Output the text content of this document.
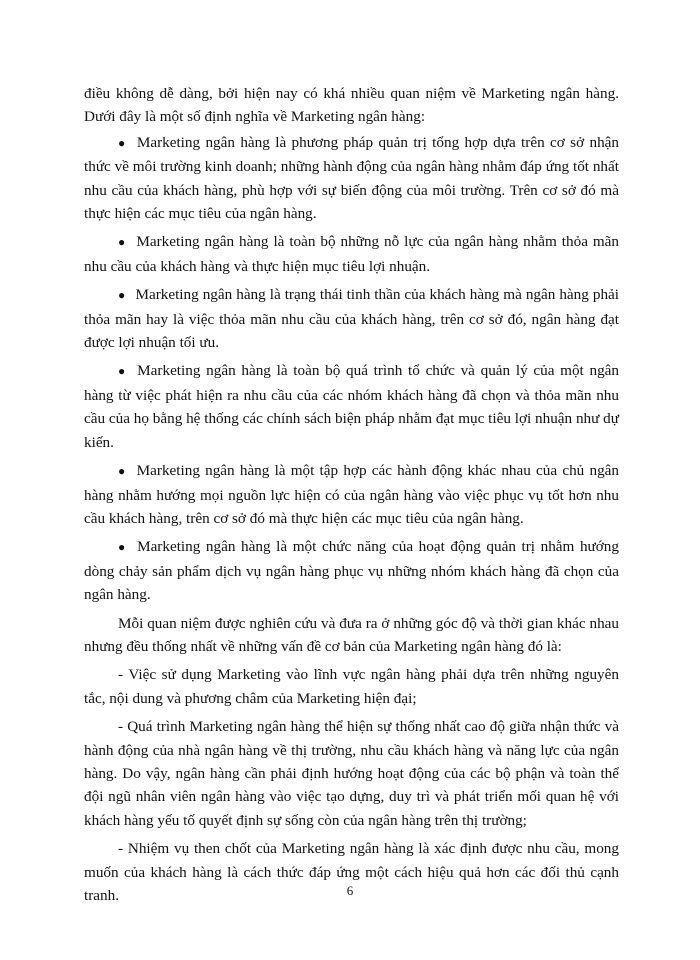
điều không dễ dàng, bởi hiện nay có khá nhiều quan niệm về Marketing ngân hàng. Dưới đây là một số định nghĩa về Marketing ngân hàng:

● Marketing ngân hàng là phương pháp quản trị tổng hợp dựa trên cơ sở nhận thức về môi trường kinh doanh; những hành động của ngân hàng nhằm đáp ứng tốt nhất nhu cầu của khách hàng, phù hợp với sự biến động của môi trường. Trên cơ sở đó mà thực hiện các mục tiêu của ngân hàng.

● Marketing ngân hàng là toàn bộ những nỗ lực của ngân hàng nhằm thỏa mãn nhu cầu của khách hàng và thực hiện mục tiêu lợi nhuận.

● Marketing ngân hàng là trạng thái tinh thần của khách hàng mà ngân hàng phải thỏa mãn hay là việc thỏa mãn nhu cầu của khách hàng, trên cơ sở đó, ngân hàng đạt được lợi nhuận tối ưu.

● Marketing ngân hàng là toàn bộ quá trình tổ chức và quản lý của một ngân hàng từ việc phát hiện ra nhu cầu của các nhóm khách hàng đã chọn và thỏa mãn nhu cầu của họ bằng hệ thống các chính sách biện pháp nhằm đạt mục tiêu lợi nhuận như dự kiến.

● Marketing ngân hàng là một tập hợp các hành động khác nhau của chủ ngân hàng nhằm hướng mọi nguồn lực hiện có của ngân hàng vào việc phục vụ tốt hơn nhu cầu khách hàng, trên cơ sở đó mà thực hiện các mục tiêu của ngân hàng.

● Marketing ngân hàng là một chức năng của hoạt động quản trị nhằm hướng dòng chảy sản phẩm dịch vụ ngân hàng phục vụ những nhóm khách hàng đã chọn của ngân hàng.

Mỗi quan niệm được nghiên cứu và đưa ra ở những góc độ và thời gian khác nhau nhưng đều thống nhất về những vấn đề cơ bản của Marketing ngân hàng đó là:

- Việc sử dụng Marketing vào lĩnh vực ngân hàng phải dựa trên những nguyên tắc, nội dung và phương châm của Marketing hiện đại;

- Quá trình Marketing ngân hàng thể hiện sự thống nhất cao độ giữa nhận thức và hành động của nhà ngân hàng về thị trường, nhu cầu khách hàng và năng lực của ngân hàng. Do vậy, ngân hàng cần phải định hướng hoạt động của các bộ phận và toàn thể đội ngũ nhân viên ngân hàng vào việc tạo dựng, duy trì và phát triển mối quan hệ với khách hàng yếu tố quyết định sự sống còn của ngân hàng trên thị trường;

- Nhiệm vụ then chốt của Marketing ngân hàng là xác định được nhu cầu, mong muốn của khách hàng là cách thức đáp ứng một cách hiệu quả hơn các đối thủ cạnh tranh.	6
